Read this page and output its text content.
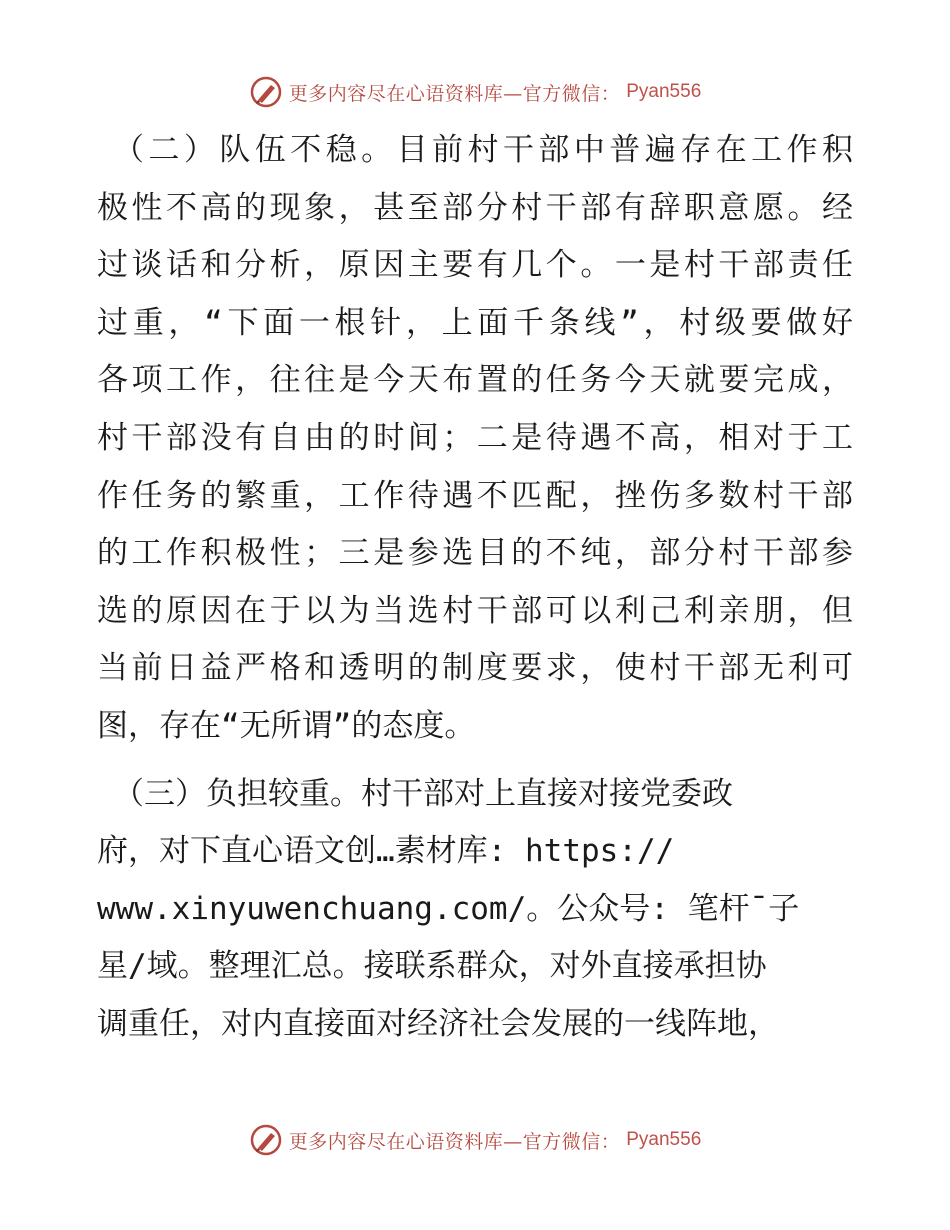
更多内容尽在心语资料库—官方微信： Pyan556
（二）队伍不稳。目前村干部中普遍存在工作积
极性不高的现象，甚至部分村干部有辞职意愿。经
过谈话和分析，原因主要有几个。一是村干部责任
过重，“下面一根针，上面千条线”，村级要做好
各项工作，往往是今天布置的任务今天就要完成，
村干部没有自由的时间；二是待遇不高，相对于工
作任务的繁重，工作待遇不匹配，挫伤多数村干部
的工作积极性；三是参选目的不纯，部分村干部参
选的原因在于以为当选村干部可以利己利亲朋，但
当前日益严格和透明的制度要求，使村干部无利可
图，存在“无所谓”的态度。
（三）负担较重。村干部对上直接对接党委政
府，对下直心语文创…素材库: https://
www.xinyuwenchuang.com/。公众号: 笔杆¯子
星/域。整理汇总。接联系群众，对外直接承担协
调重任，对内直接面对经济社会发展的一线阵地，
更多内容尽在心语资料库—官方微信： Pyan556
